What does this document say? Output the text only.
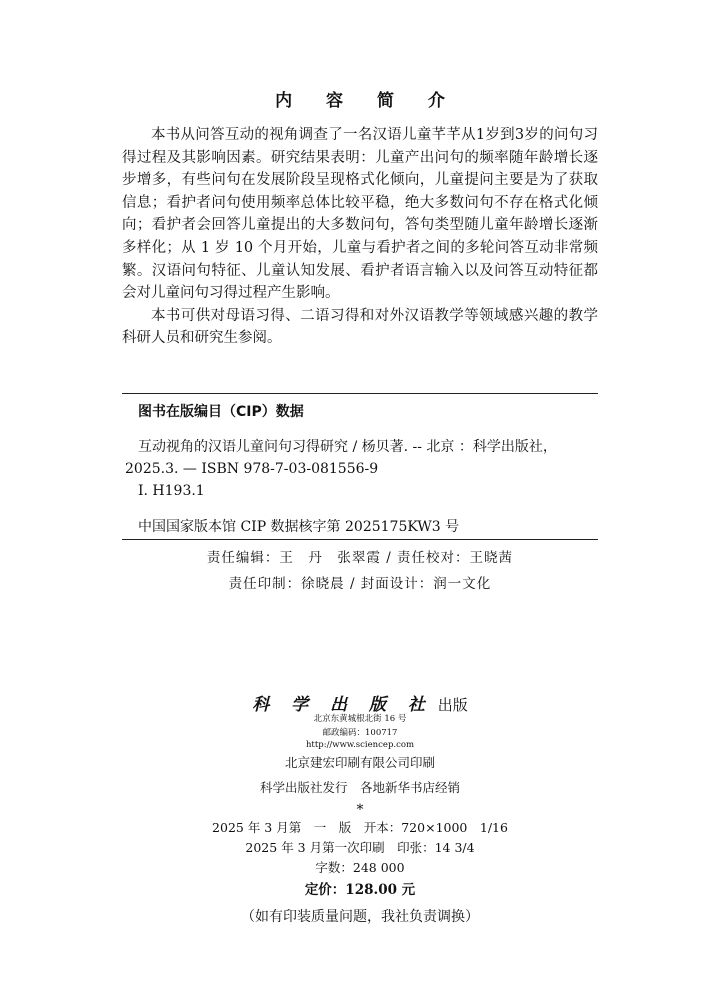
内 容 简 介

本书从问答互动的视角调查了一名汉语儿童芊芊从1岁到3岁的问句习得过程及其影响因素。研究结果表明：儿童产出问句的频率随年龄增长逐步增多，有些问句在发展阶段呈现格式化倾向，儿童提问主要是为了获取信息；看护者问句使用频率总体比较平稳，绝大多数问句不存在格式化倾向；看护者会回答儿童提出的大多数问句，答句类型随儿童年龄增长逐渐多样化；从 1 岁 10 个月开始，儿童与看护者之间的多轮问答互动非常频繁。汉语问句特征、儿童认知发展、看护者语言输入以及问答互动特征都会对儿童问句习得过程产生影响。

本书可供对母语习得、二语习得和对外汉语教学等领域感兴趣的教学科研人员和研究生参阅。

图书在版编目（CIP）数据
互动视角的汉语儿童问句习得研究 / 杨贝著. -- 北京 ：科学出版社，
2025.3. — ISBN 978-7-03-081556-9
Ⅰ. H193.1
中国国家版本馆 CIP 数据核字第 2025175KW3 号
责任编辑：王　丹　张翠霞 / 责任校对：王晓茜
责任印制：徐晓晨 / 封面设计：润一文化
科 学 出 版 社 出版
北京东黄城根北街 16 号
邮政编码：100717
http://www.sciencep.com
北京建宏印刷有限公司印刷
科学出版社发行　各地新华书店经销
*
2025 年 3 月第　一　版　开本：720×1000　1/16
2025 年 3 月第一次印刷　印张：14 3/4
字数：248 000
定价：128.00 元
（如有印装质量问题，我社负责调换）
